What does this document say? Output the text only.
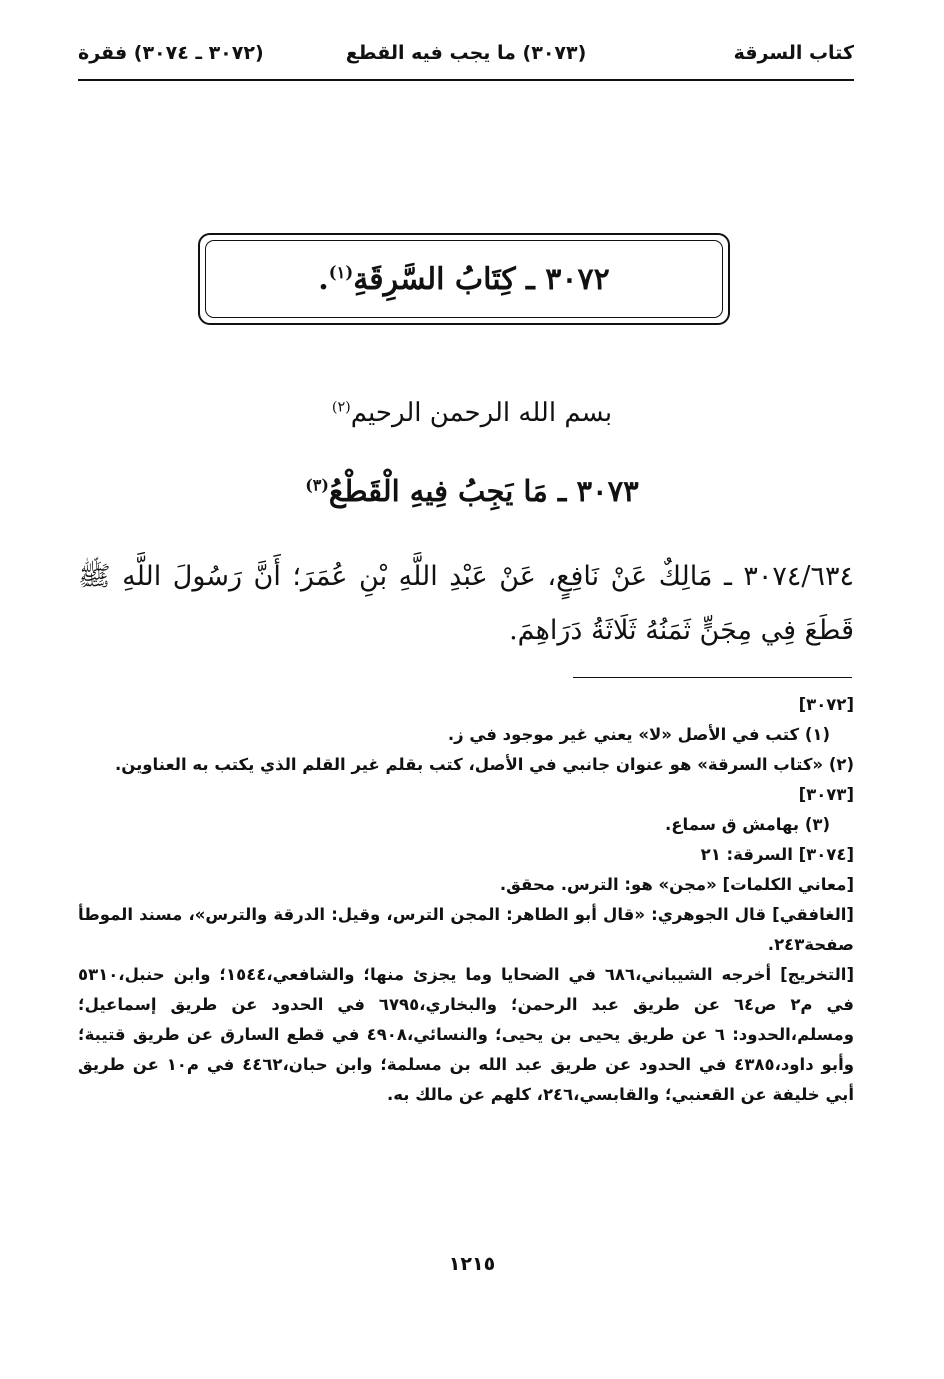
كتاب السرقة
(٣٠٧٣) ما يجب فيه القطع
(٣٠٧٢ ـ ٣٠٧٤) فقرة
٣٠٧٢ ـ كِتَابُ السَّرِقَةِ$^{(١)}$.
بسم الله الرحمن الرحيم$^{(٢)}$
٣٠٧٣ ـ مَا يَجِبُ فِيهِ الْقَطْعُ$^{(٣)}$
٣٠٧٤/٦٣٤ ـ مَالِكٌ عَنْ نَافِعٍ، عَنْ عَبْدِ اللَّهِ بْنِ عُمَرَ؛ أَنَّ رَسُولَ اللَّهِ ﷺ قَطَعَ فِي مِجَنٍّ ثَمَنُهُ ثَلَاثَةُ دَرَاهِمَ.

[٣٠٧٢]

(١) كتب في الأصل «لا» يعني غير موجود في ز.

(٢) «كتاب السرقة» هو عنوان جانبي في الأصل، كتب بقلم غير القلم الذي يكتب به العناوين.

[٣٠٧٣]

(٣) بهامش ق سماع.

[٣٠٧٤] السرقة: ٢١

[معاني الكلمات] «مجن» هو: الترس. محقق.

[الغافقي] قال الجوهري: «قال أبو الطاهر: المجن الترس، وقيل: الدرقة والترس»، مسند الموطأ صفحة٢٤٣.

[التخريج] أخرجه الشيباني،٦٨٦ في الضحايا وما يجزئ منها؛ والشافعي،١٥٤٤؛ وابن حنبل،٥٣١٠ في م٢ ص٦٤ عن طريق عبد الرحمن؛ والبخاري،٦٧٩٥ في الحدود عن طريق إسماعيل؛ ومسلم،الحدود: ٦ عن طريق يحيى بن يحيى؛ والنسائي،٤٩٠٨ في قطع السارق عن طريق قتيبة؛ وأبو داود،٤٣٨٥ في الحدود عن طريق عبد الله بن مسلمة؛ وابن حبان،٤٤٦٢ في م١٠ عن طريق أبي خليفة عن القعنبي؛ والقابسي،٢٤٦، كلهم عن مالك به.

١٢١٥
